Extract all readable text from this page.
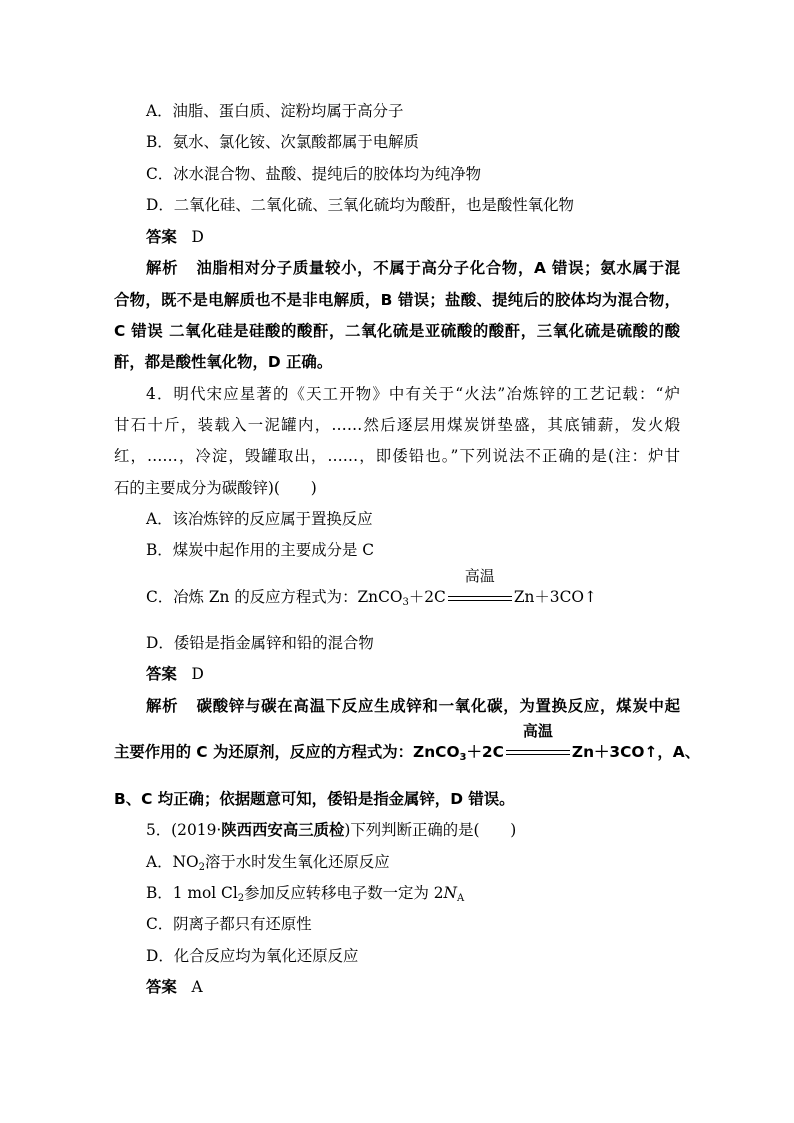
A．油脂、蛋白质、淀粉均属于高分子
B．氨水、氯化铵、次氯酸都属于电解质
C．冰水混合物、盐酸、提纯后的胶体均为纯净物
D．二氧化硅、二氧化硫、三氧化硫均为酸酐，也是酸性氧化物
答案 D
解析 油脂相对分子质量较小，不属于高分子化合物，A 错误；氨水属于混
合物，既不是电解质也不是非电解质，B 错误；盐酸、提纯后的胶体均为混合物，
C 错误 二氧化硅是硅酸的酸酐，二氧化硫是亚硫酸的酸酐，三氧化硫是硫酸的酸
酐，都是酸性氧化物，D 正确。
4．明代宋应星著的《天工开物》中有关于“火法”冶炼锌的工艺记载：“炉
甘石十斤，装载入一泥罐内，……然后逐层用煤炭饼垫盛，其底铺薪，发火煅
红，……，冷淀，毁罐取出，……，即倭铅也。”下列说法不正确的是(注：炉甘
石的主要成分为碳酸锌)(　　)
A．该冶炼锌的反应属于置换反应
B．煤炭中起作用的主要成分是 C
C．冶炼 Zn 的反应方程式为：ZnCO$_3$＋2C
高温
Zn＋3CO↑
D．倭铅是指金属锌和铅的混合物
答案 D
解析 碳酸锌与碳在高温下反应生成锌和一氧化碳，为置换反应，煤炭中起
主要作用的 C 为还原剂，反应的方程式为：ZnCO$_3$＋2C
高温
Zn＋3CO↑，A、
B、C 均正确；依据题意可知，倭铅是指金属锌，D 错误。
5．(2019·陕西西安高三质检)下列判断正确的是(　　)
A．$NO_2$溶于水时发生氧化还原反应
B．1 mol $Cl_2$参加反应转移电子数一定为 $2N_A$
C．阴离子都只有还原性
D．化合反应均为氧化还原反应
答案 A
